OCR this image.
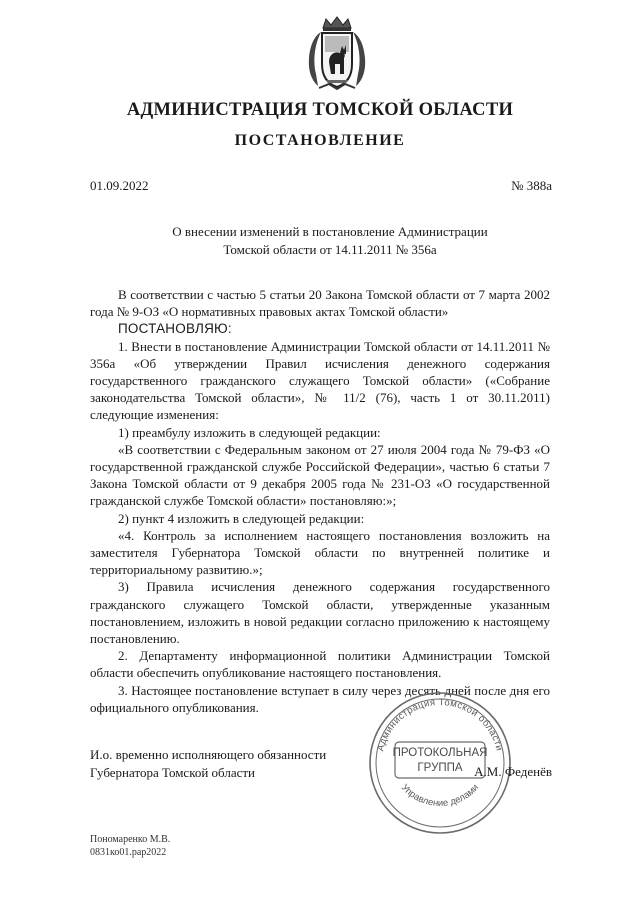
АДМИНИСТРАЦИЯ ТОМСКОЙ ОБЛАСТИ
ПОСТАНОВЛЕНИЕ
01.09.2022	№ 388а
О внесении изменений в постановление Администрации
Томской области от 14.11.2011 № 356а

В соответствии с частью 5 статьи 20 Закона Томской области от 7 марта 2002 года № 9-ОЗ «О нормативных правовых актах Томской области»

ПОСТАНОВЛЯЮ:

1. Внести в постановление Администрации Томской области от 14.11.2011 № 356а «Об утверждении Правил исчисления денежного содержания государственного гражданского служащего Томской области» («Собрание законодательства Томской области», № 11/2 (76), часть 1 от 30.11.2011) следующие изменения:

1) преамбулу изложить в следующей редакции:

«В соответствии с Федеральным законом от 27 июля 2004 года № 79-ФЗ «О государственной гражданской службе Российской Федерации», частью 6 статьи 7 Закона Томской области от 9 декабря 2005 года № 231-ОЗ «О государственной гражданской службе Томской области» постановляю:»;

2) пункт 4 изложить в следующей редакции:

«4. Контроль за исполнением настоящего постановления возложить на заместителя Губернатора Томской области по внутренней политике и территориальному развитию.»;

3) Правила исчисления денежного содержания государственного гражданского служащего Томской области, утвержденные указанным постановлением, изложить в новой редакции согласно приложению к настоящему постановлению.

2. Департаменту информационной политики Администрации Томской области обеспечить опубликование настоящего постановления.

3. Настоящее постановление вступает в силу через десять дней после дня его официального опубликования.

Администрация Томской области
Управление делами
ПРОТОКОЛЬНАЯ
ГРУППА
И.о. временно исполняющего обязанности
Губернатора Томской области	А.М. Феденёв
Пономаренко М.В.
0831ко01.рар2022
